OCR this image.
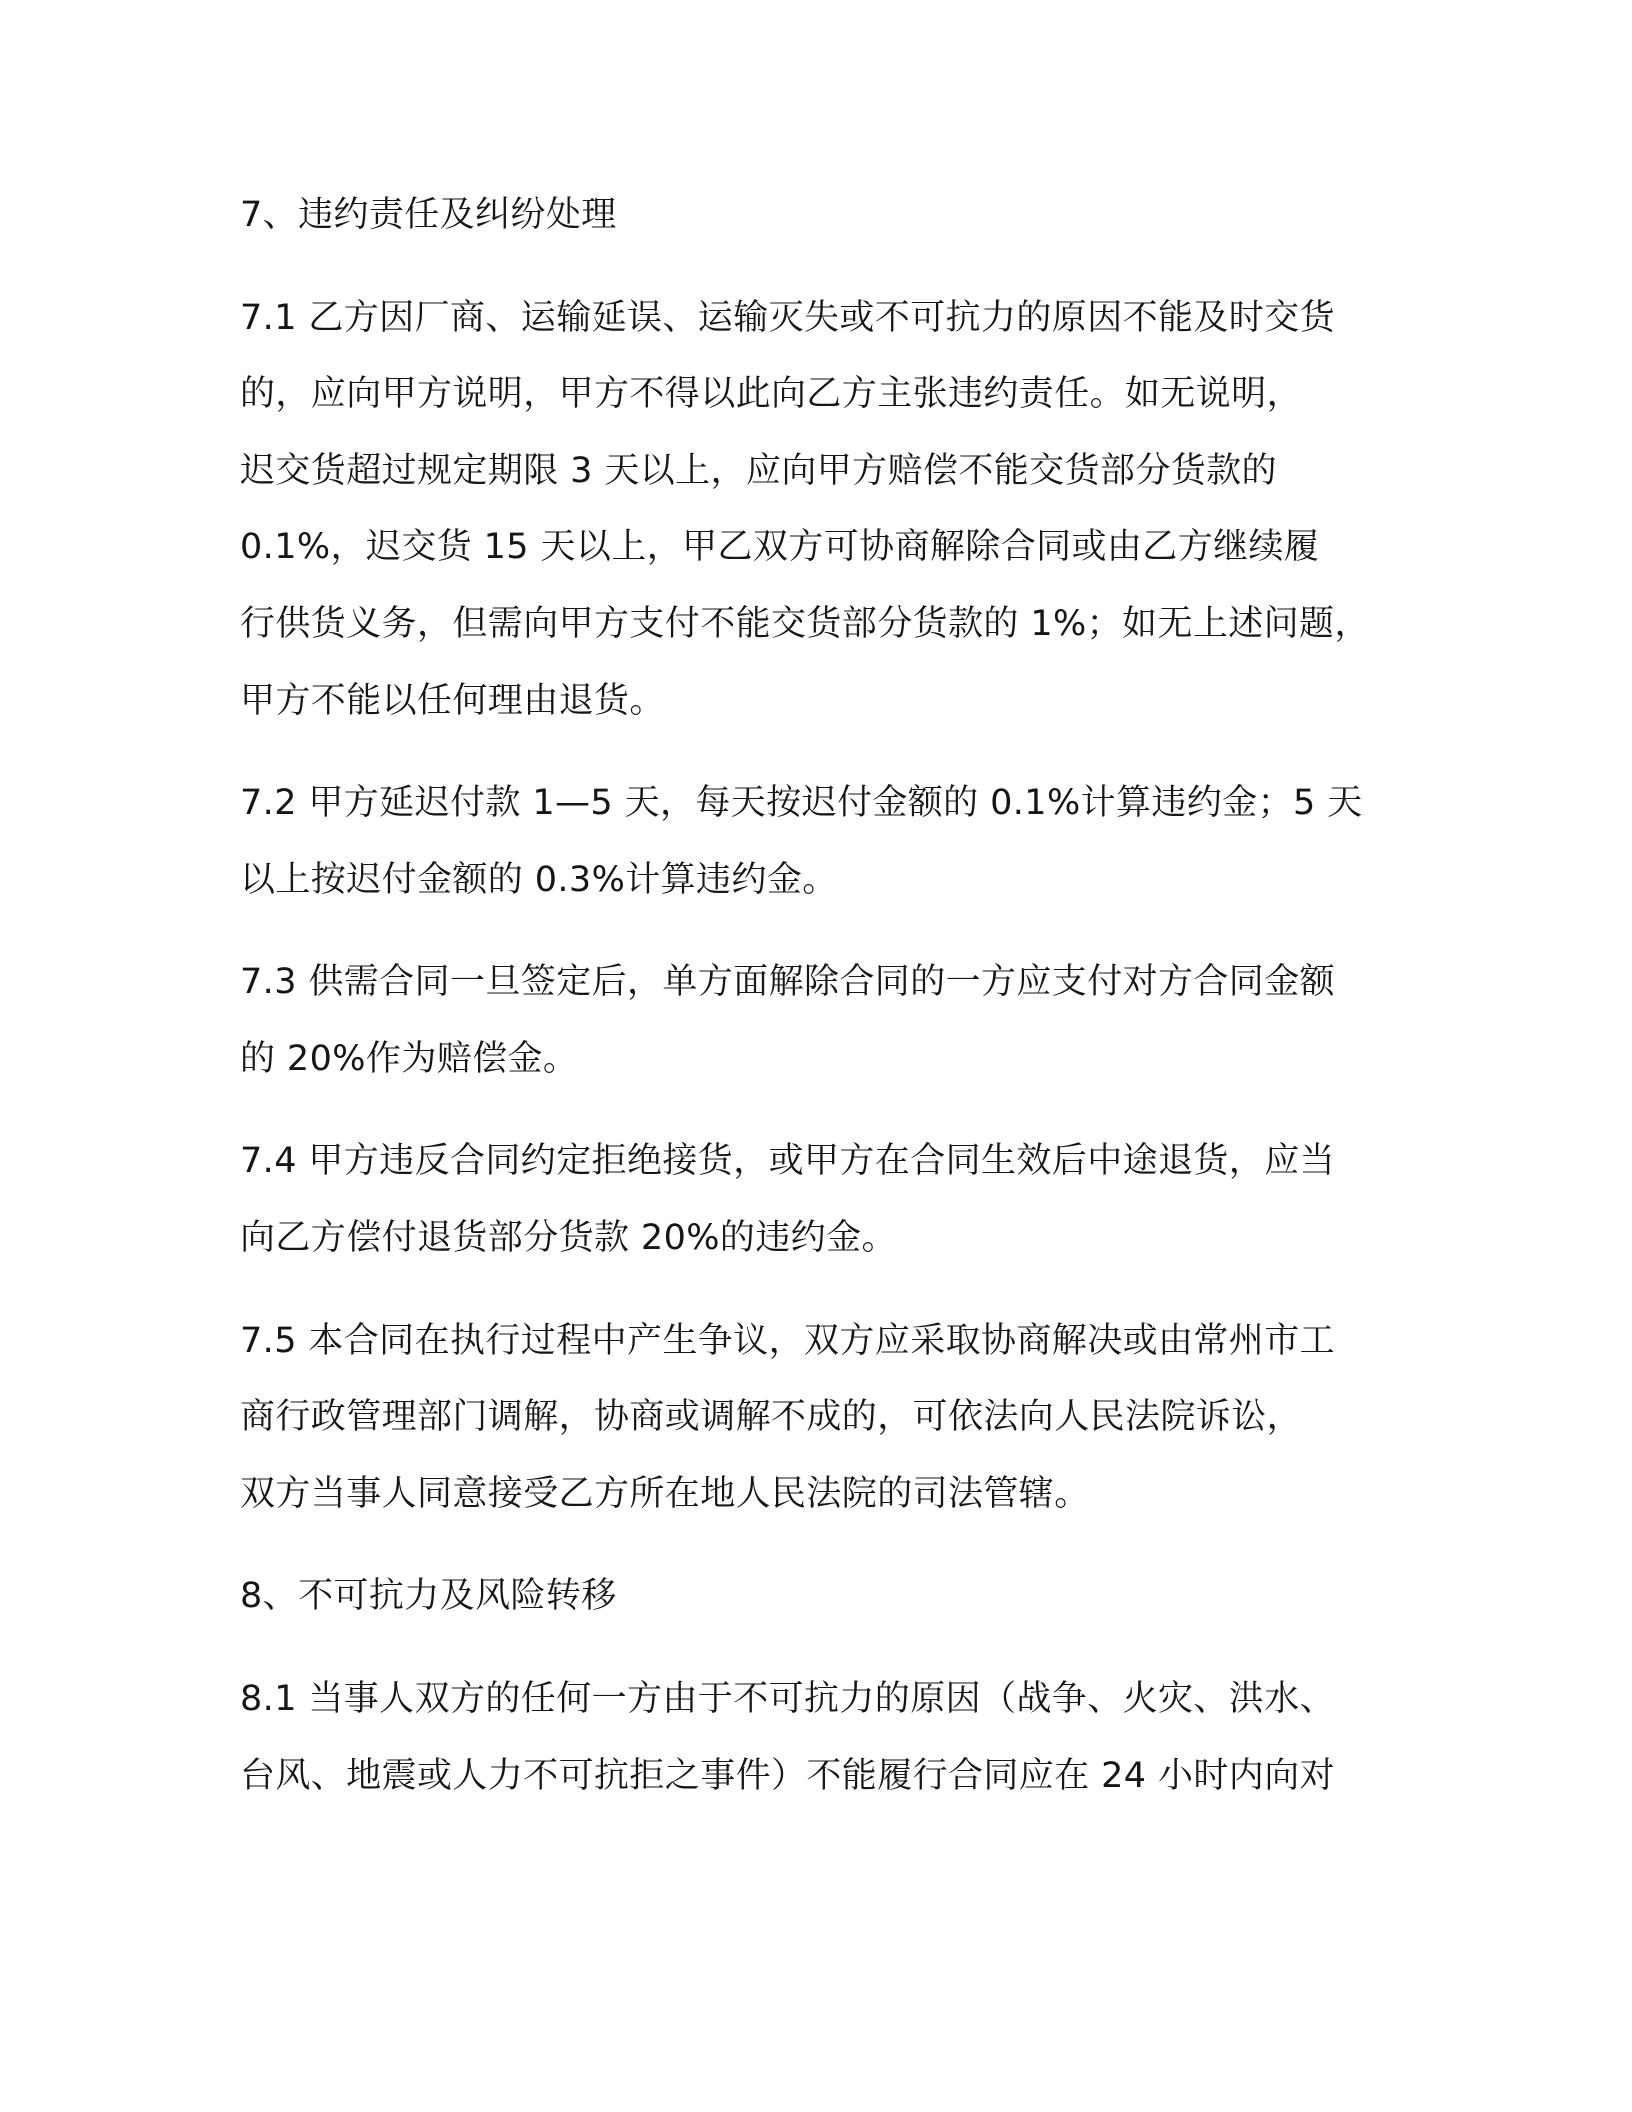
7、违约责任及纠纷处理

7.1 乙方因厂商、运输延误、运输灭失或不可抗力的原因不能及时交货

的，应向甲方说明，甲方不得以此向乙方主张违约责任。如无说明，

迟交货超过规定期限 3 天以上，应向甲方赔偿不能交货部分货款的

0.1%，迟交货 15 天以上，甲乙双方可协商解除合同或由乙方继续履

行供货义务，但需向甲方支付不能交货部分货款的 1%；如无上述问题，

甲方不能以任何理由退货。

7.2 甲方延迟付款 1—5 天，每天按迟付金额的 0.1%计算违约金；5 天

以上按迟付金额的 0.3%计算违约金。

7.3 供需合同一旦签定后，单方面解除合同的一方应支付对方合同金额

的 20%作为赔偿金。

7.4 甲方违反合同约定拒绝接货，或甲方在合同生效后中途退货，应当

向乙方偿付退货部分货款 20%的违约金。

7.5 本合同在执行过程中产生争议，双方应采取协商解决或由常州市工

商行政管理部门调解，协商或调解不成的，可依法向人民法院诉讼，

双方当事人同意接受乙方所在地人民法院的司法管辖。

8、不可抗力及风险转移

8.1 当事人双方的任何一方由于不可抗力的原因（战争、火灾、洪水、

台风、地震或人力不可抗拒之事件）不能履行合同应在 24 小时内向对
